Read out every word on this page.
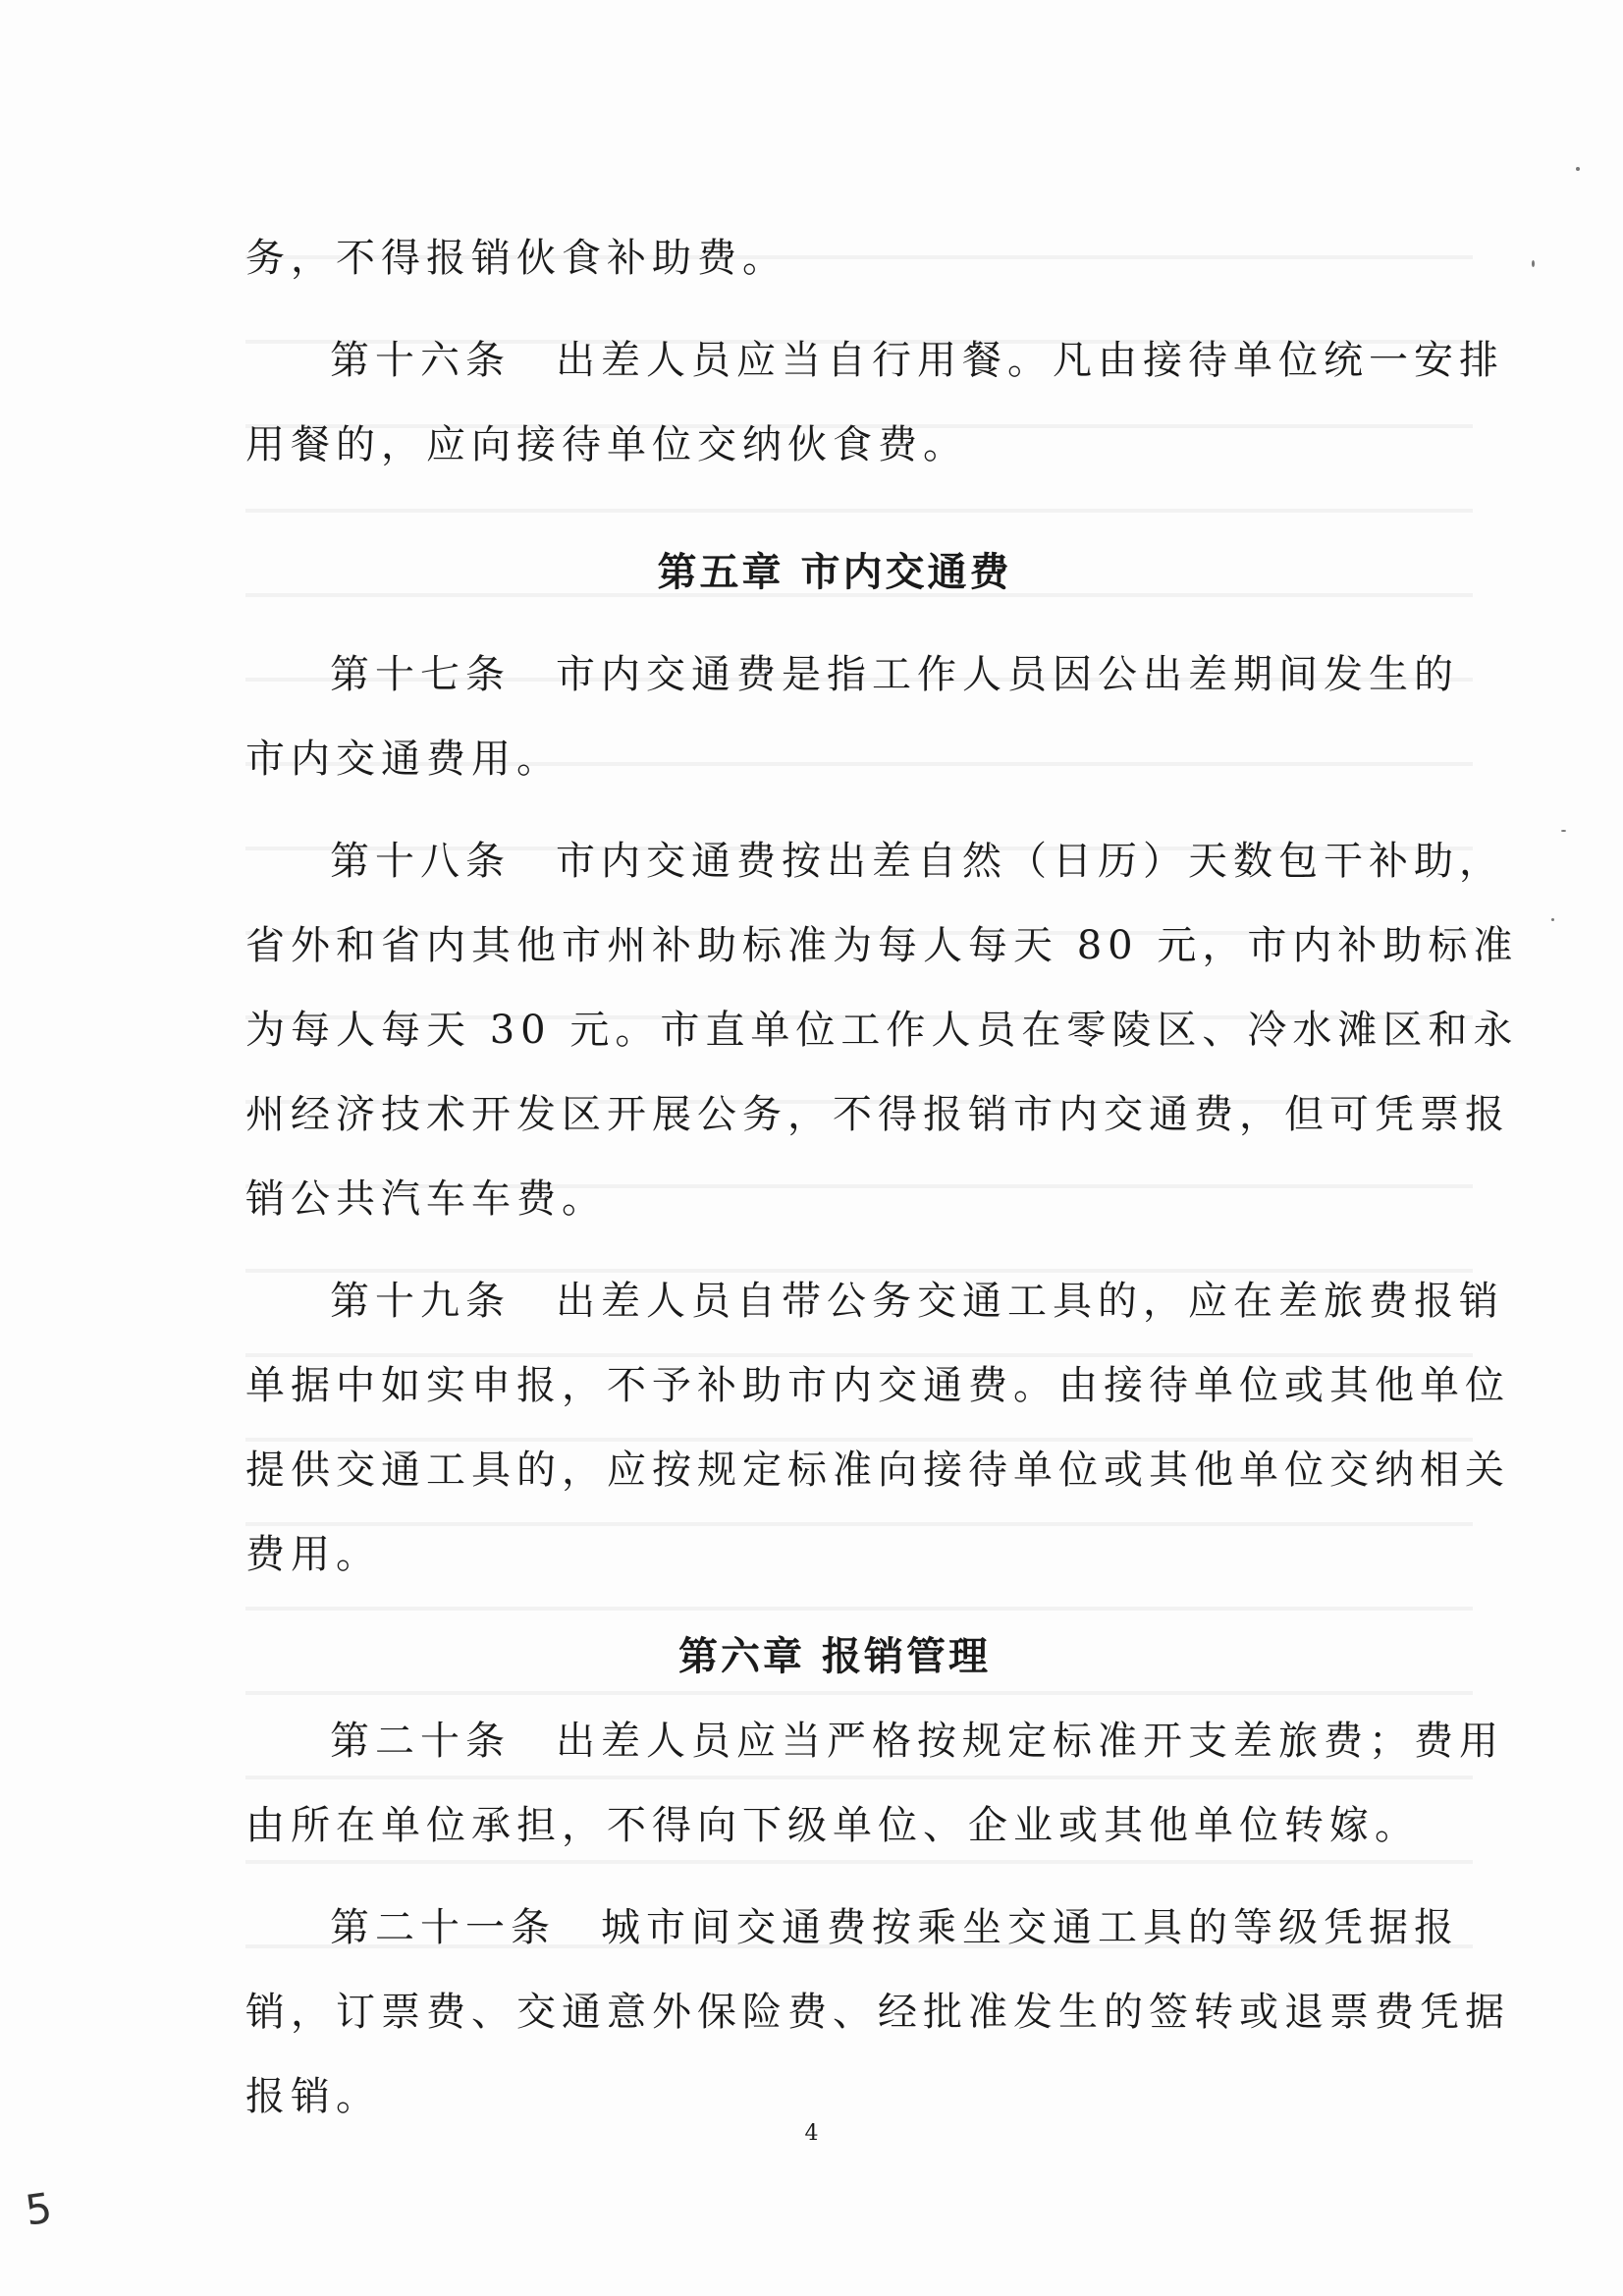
务，不得报销伙食补助费。
第十六条 出差人员应当自行用餐。凡由接待单位统一安排
用餐的，应向接待单位交纳伙食费。
第五章 市内交通费
第十七条 市内交通费是指工作人员因公出差期间发生的
市内交通费用。
第十八条 市内交通费按出差自然（日历）天数包干补助，
省外和省内其他市州补助标准为每人每天 80 元，市内补助标准
为每人每天 30 元。市直单位工作人员在零陵区、冷水滩区和永
州经济技术开发区开展公务，不得报销市内交通费，但可凭票报
销公共汽车车费。
第十九条 出差人员自带公务交通工具的，应在差旅费报销
单据中如实申报，不予补助市内交通费。由接待单位或其他单位
提供交通工具的，应按规定标准向接待单位或其他单位交纳相关
费用。
第六章 报销管理
第二十条 出差人员应当严格按规定标准开支差旅费；费用
由所在单位承担，不得向下级单位、企业或其他单位转嫁。
第二十一条 城市间交通费按乘坐交通工具的等级凭据报
销，订票费、交通意外保险费、经批准发生的签转或退票费凭据
报销。
4
5
